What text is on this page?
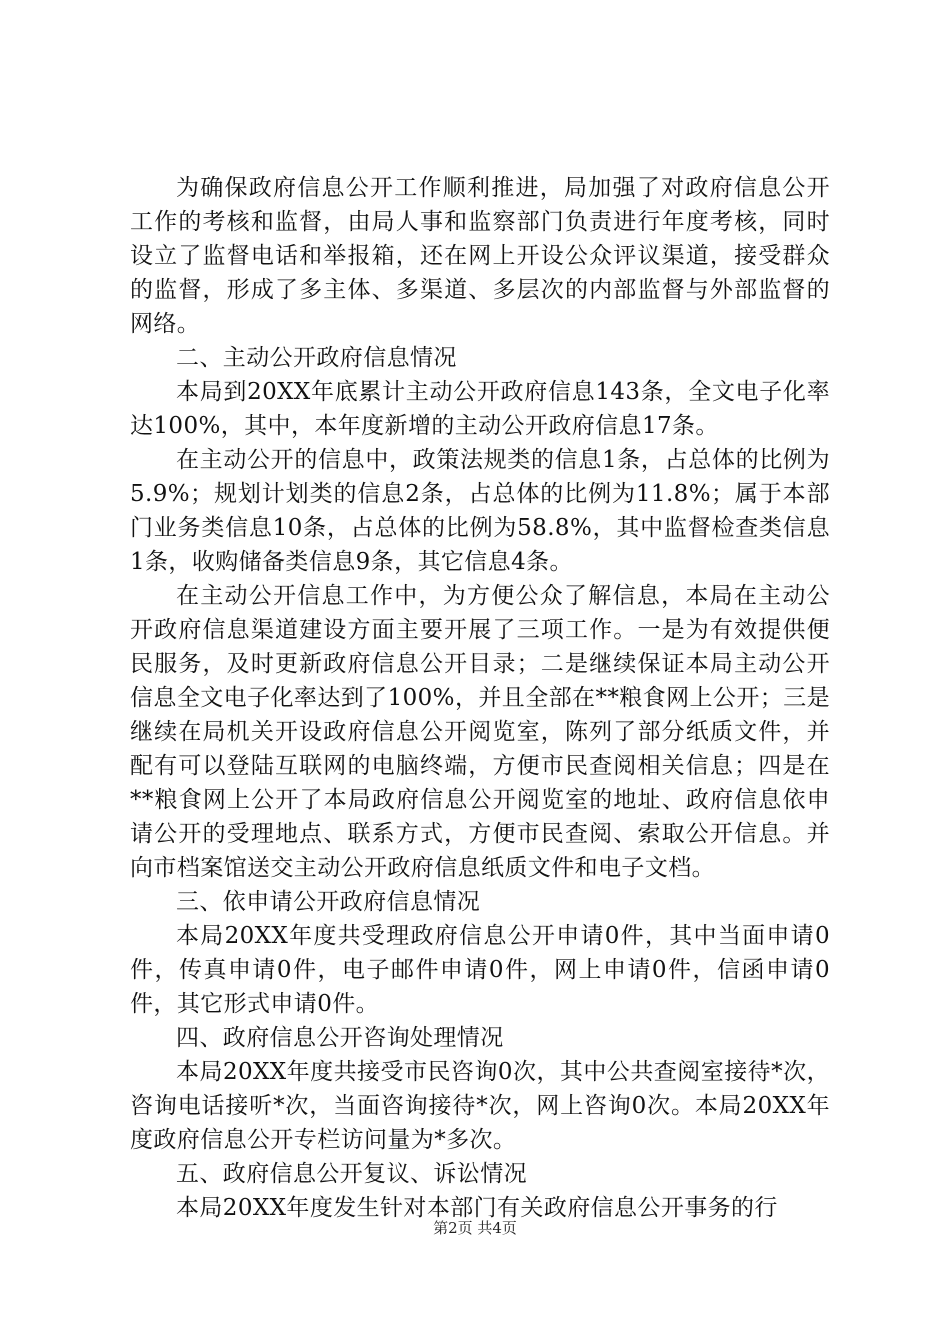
为确保政府信息公开工作顺利推进，局加强了对政府信息公开工作的考核和监督，由局人事和监察部门负责进行年度考核，同时设立了监督电话和举报箱，还在网上开设公众评议渠道，接受群众的监督，形成了多主体、多渠道、多层次的内部监督与外部监督的网络。

二、主动公开政府信息情况

本局到20XX年底累计主动公开政府信息143条，全文电子化率达100%，其中，本年度新增的主动公开政府信息17条。

在主动公开的信息中，政策法规类的信息1条，占总体的比例为5.9%；规划计划类的信息2条，占总体的比例为11.8%；属于本部门业务类信息10条，占总体的比例为58.8%，其中监督检查类信息1条，收购储备类信息9条，其它信息4条。

在主动公开信息工作中，为方便公众了解信息，本局在主动公开政府信息渠道建设方面主要开展了三项工作。一是为有效提供便民服务，及时更新政府信息公开目录；二是继续保证本局主动公开信息全文电子化率达到了100%，并且全部在**粮食网上公开；三是继续在局机关开设政府信息公开阅览室，陈列了部分纸质文件，并配有可以登陆互联网的电脑终端，方便市民查阅相关信息；四是在**粮食网上公开了本局政府信息公开阅览室的地址、政府信息依申请公开的受理地点、联系方式，方便市民查阅、索取公开信息。并向市档案馆送交主动公开政府信息纸质文件和电子文档。

三、依申请公开政府信息情况

本局20XX年度共受理政府信息公开申请0件，其中当面申请0件，传真申请0件，电子邮件申请0件，网上申请0件，信函申请0件，其它形式申请0件。

四、政府信息公开咨询处理情况

本局20XX年度共接受市民咨询0次，其中公共查阅室接待*次，咨询电话接听*次，当面咨询接待*次，网上咨询0次。本局20XX年度政府信息公开专栏访问量为*多次。

五、政府信息公开复议、诉讼情况

本局20XX年度发生针对本部门有关政府信息公开事务的行

第2页 共4页
